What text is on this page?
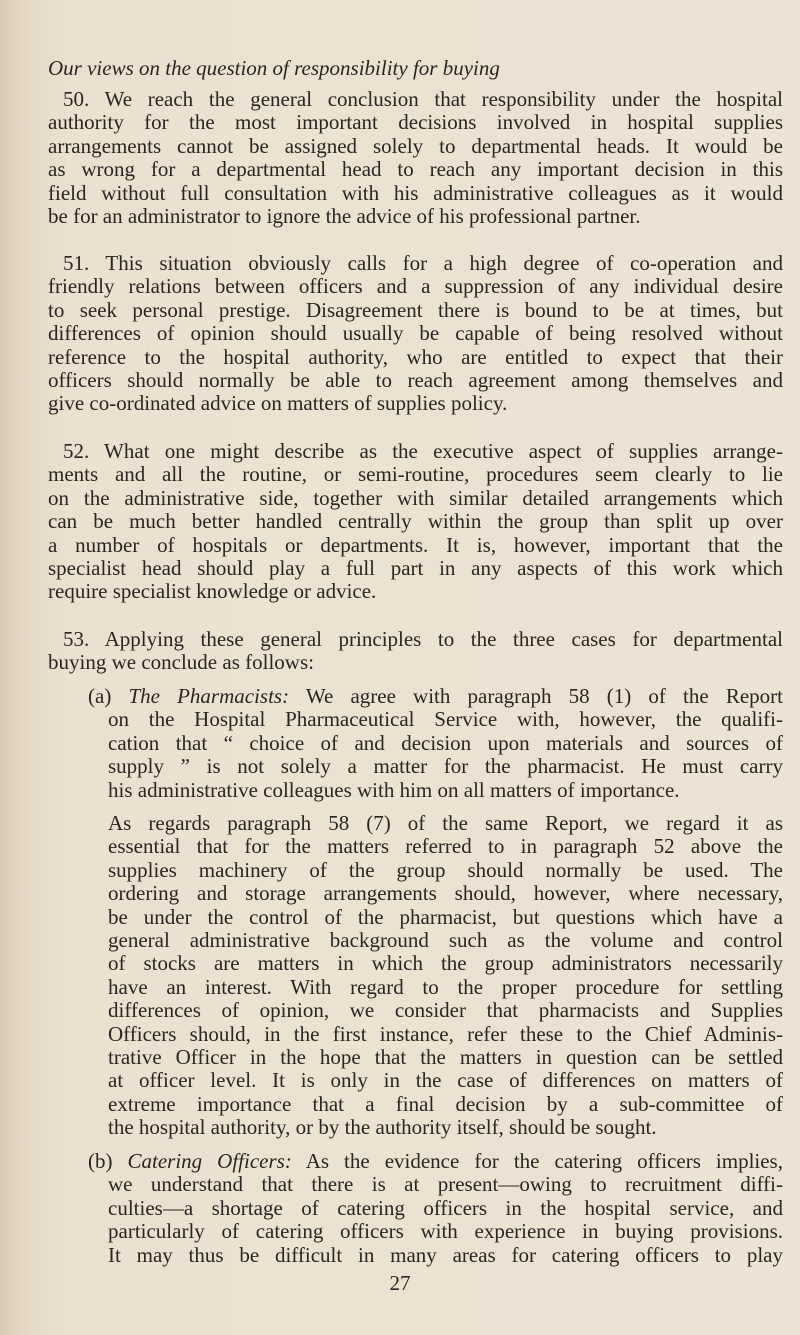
Our views on the question of responsibility for buying
50. We reach the general conclusion that responsibility under the hospital
authority for the most important decisions involved in hospital supplies
arrangements cannot be assigned solely to departmental heads. It would be
as wrong for a departmental head to reach any important decision in this
field without full consultation with his administrative colleagues as it would
be for an administrator to ignore the advice of his professional partner.
51. This situation obviously calls for a high degree of co-operation and
friendly relations between officers and a suppression of any individual desire
to seek personal prestige. Disagreement there is bound to be at times, but
differences of opinion should usually be capable of being resolved without
reference to the hospital authority, who are entitled to expect that their
officers should normally be able to reach agreement among themselves and
give co-ordinated advice on matters of supplies policy.
52. What one might describe as the executive aspect of supplies arrange-
ments and all the routine, or semi-routine, procedures seem clearly to lie
on the administrative side, together with similar detailed arrangements which
can be much better handled centrally within the group than split up over
a number of hospitals or departments. It is, however, important that the
specialist head should play a full part in any aspects of this work which
require specialist knowledge or advice.
53. Applying these general principles to the three cases for departmental
buying we conclude as follows:
(a) The Pharmacists: We agree with paragraph 58 (1) of the Report
on the Hospital Pharmaceutical Service with, however, the qualifi-
cation that “ choice of and decision upon materials and sources of
supply ” is not solely a matter for the pharmacist. He must carry
his administrative colleagues with him on all matters of importance.
As regards paragraph 58 (7) of the same Report, we regard it as
essential that for the matters referred to in paragraph 52 above the
supplies machinery of the group should normally be used. The
ordering and storage arrangements should, however, where necessary,
be under the control of the pharmacist, but questions which have a
general administrative background such as the volume and control
of stocks are matters in which the group administrators necessarily
have an interest. With regard to the proper procedure for settling
differences of opinion, we consider that pharmacists and Supplies
Officers should, in the first instance, refer these to the Chief Adminis-
trative Officer in the hope that the matters in question can be settled
at officer level. It is only in the case of differences on matters of
extreme importance that a final decision by a sub-committee of
the hospital authority, or by the authority itself, should be sought.
(b) Catering Officers: As the evidence for the catering officers implies,
we understand that there is at present—owing to recruitment diffi-
culties—a shortage of catering officers in the hospital service, and
particularly of catering officers with experience in buying provisions.
It may thus be difficult in many areas for catering officers to play
27
